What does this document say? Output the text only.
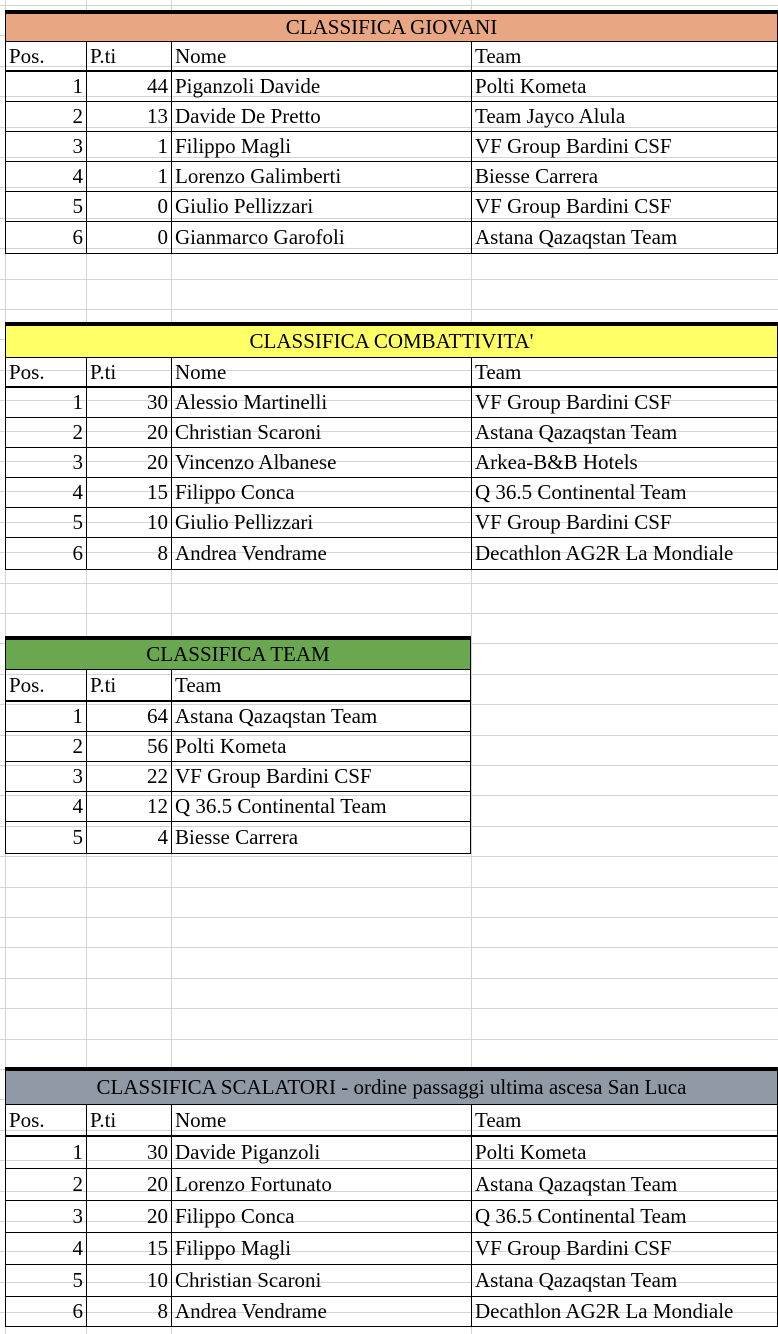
CLASSIFICA GIOVANI
Pos.	P.ti	Nome	Team
1	44 Piganzoli Davide	Polti Kometa
2	13 Davide De Pretto	Team Jayco Alula
3	1 Filippo Magli	VF Group Bardini CSF
4	1 Lorenzo Galimberti	Biesse Carrera
5	0 Giulio Pellizzari	VF Group Bardini CSF
6	0 Gianmarco Garofoli	Astana Qazaqstan Team
CLASSIFICA COMBATTIVITA'
Pos.	P.ti	Nome	Team
1	30 Alessio Martinelli	VF Group Bardini CSF
2	20 Christian Scaroni	Astana Qazaqstan Team
3	20 Vincenzo Albanese	Arkea-B&B Hotels
4	15 Filippo Conca	Q 36.5 Continental Team
5	10 Giulio Pellizzari	VF Group Bardini CSF
6	8 Andrea Vendrame	Decathlon AG2R La Mondiale
CLASSIFICA TEAM
Pos.	P.ti	Team
1	64 Astana Qazaqstan Team
2	56 Polti Kometa
3	22 VF Group Bardini CSF
4	12 Q 36.5 Continental Team
5	4 Biesse Carrera
CLASSIFICA SCALATORI - ordine passaggi ultima ascesa San Luca
Pos.	P.ti	Nome	Team
1	30 Davide Piganzoli	Polti Kometa
2	20 Lorenzo Fortunato	Astana Qazaqstan Team
3	20 Filippo Conca	Q 36.5 Continental Team
4	15 Filippo Magli	VF Group Bardini CSF
5	10 Christian Scaroni	Astana Qazaqstan Team
6	8 Andrea Vendrame	Decathlon AG2R La Mondiale
